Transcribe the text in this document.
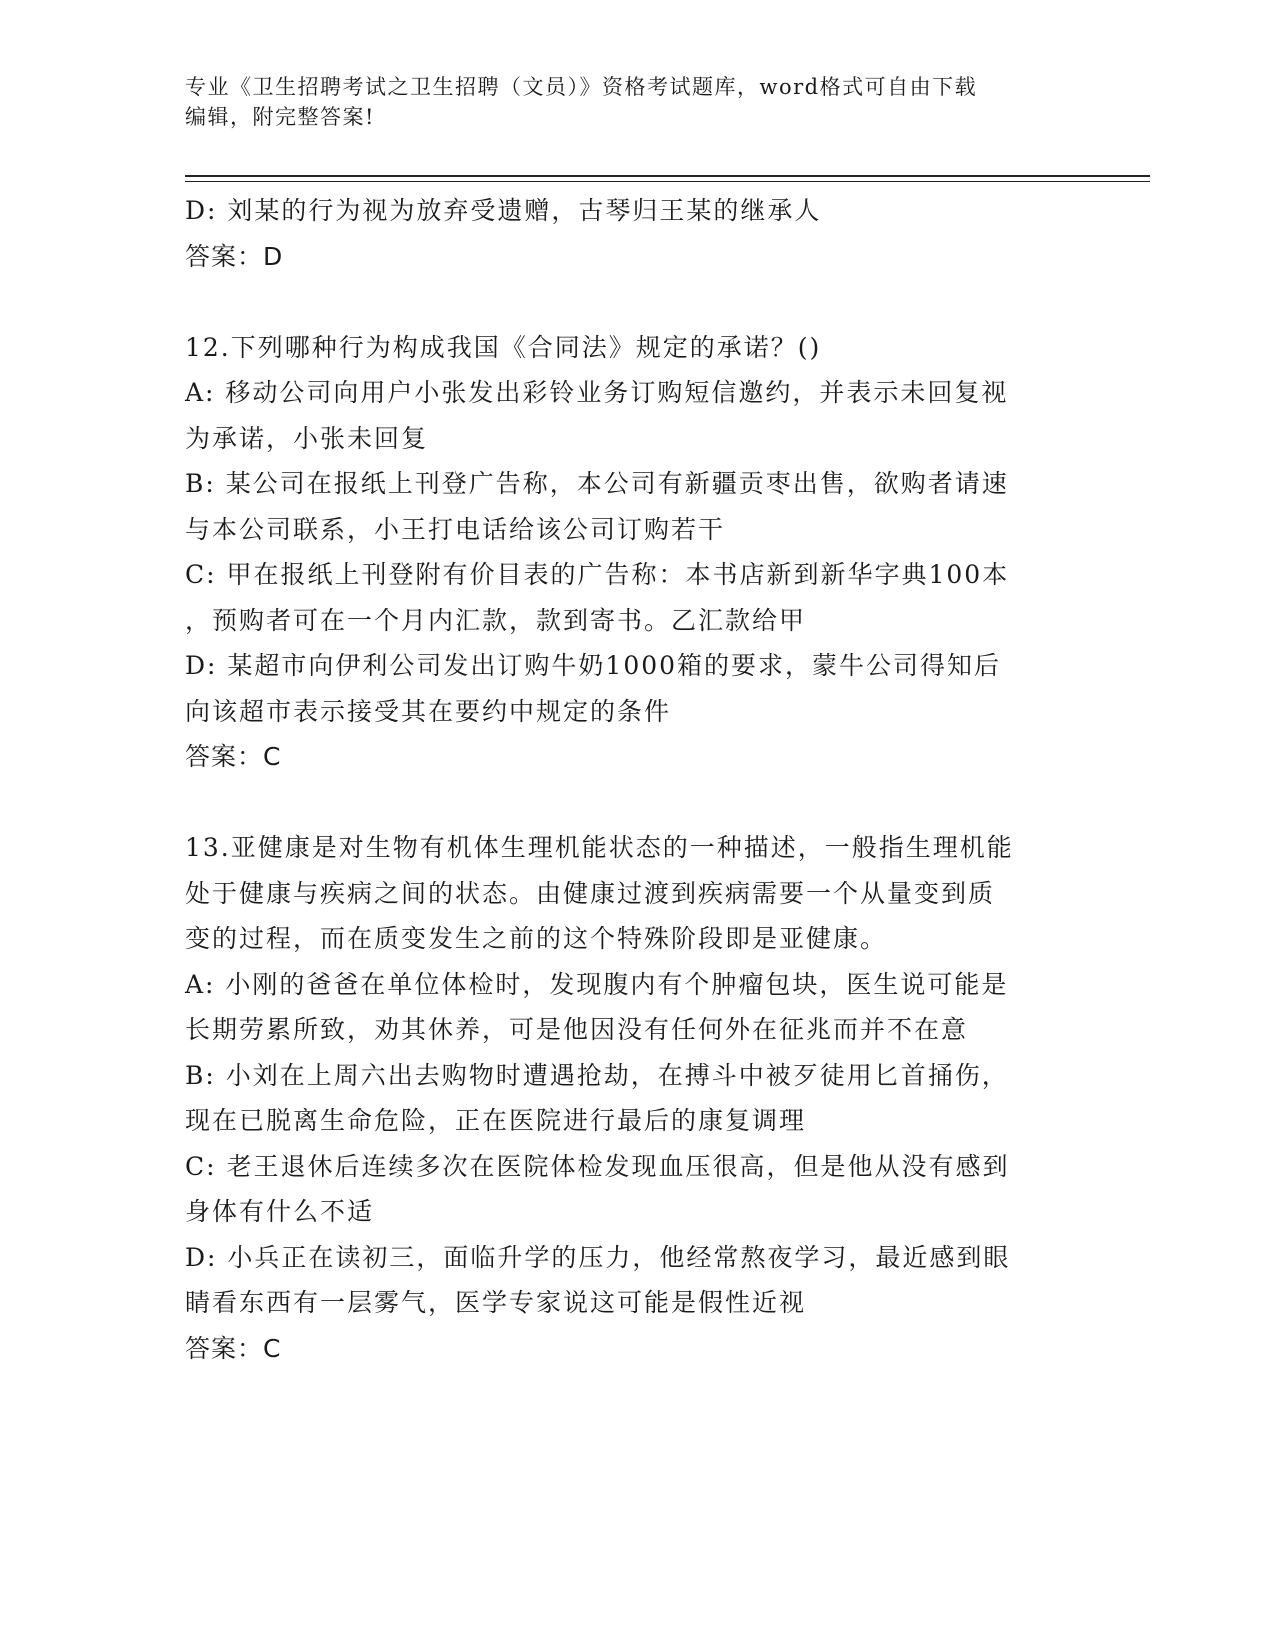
专业《卫生招聘考试之卫生招聘（文员）》资格考试题库，word格式可自由下载
编辑，附完整答案!
D: 刘某的行为视为放弃受遗赠，古琴归王某的继承人
答案：D
12.下列哪种行为构成我国《合同法》规定的承诺？()
A: 移动公司向用户小张发出彩铃业务订购短信邀约，并表示未回复视
为承诺，小张未回复
B: 某公司在报纸上刊登广告称，本公司有新疆贡枣出售，欲购者请速
与本公司联系，小王打电话给该公司订购若干
C: 甲在报纸上刊登附有价目表的广告称：本书店新到新华字典100本
，预购者可在一个月内汇款，款到寄书。乙汇款给甲
D: 某超市向伊利公司发出订购牛奶1000箱的要求，蒙牛公司得知后
向该超市表示接受其在要约中规定的条件
答案：C
13.亚健康是对生物有机体生理机能状态的一种描述，一般指生理机能
处于健康与疾病之间的状态。由健康过渡到疾病需要一个从量变到质
变的过程，而在质变发生之前的这个特殊阶段即是亚健康。
A: 小刚的爸爸在单位体检时，发现腹内有个肿瘤包块，医生说可能是
长期劳累所致，劝其休养，可是他因没有任何外在征兆而并不在意
B: 小刘在上周六出去购物时遭遇抢劫，在搏斗中被歹徒用匕首捅伤，
现在已脱离生命危险，正在医院进行最后的康复调理
C: 老王退休后连续多次在医院体检发现血压很高，但是他从没有感到
身体有什么不适
D: 小兵正在读初三，面临升学的压力，他经常熬夜学习，最近感到眼
睛看东西有一层雾气，医学专家说这可能是假性近视
答案：C
